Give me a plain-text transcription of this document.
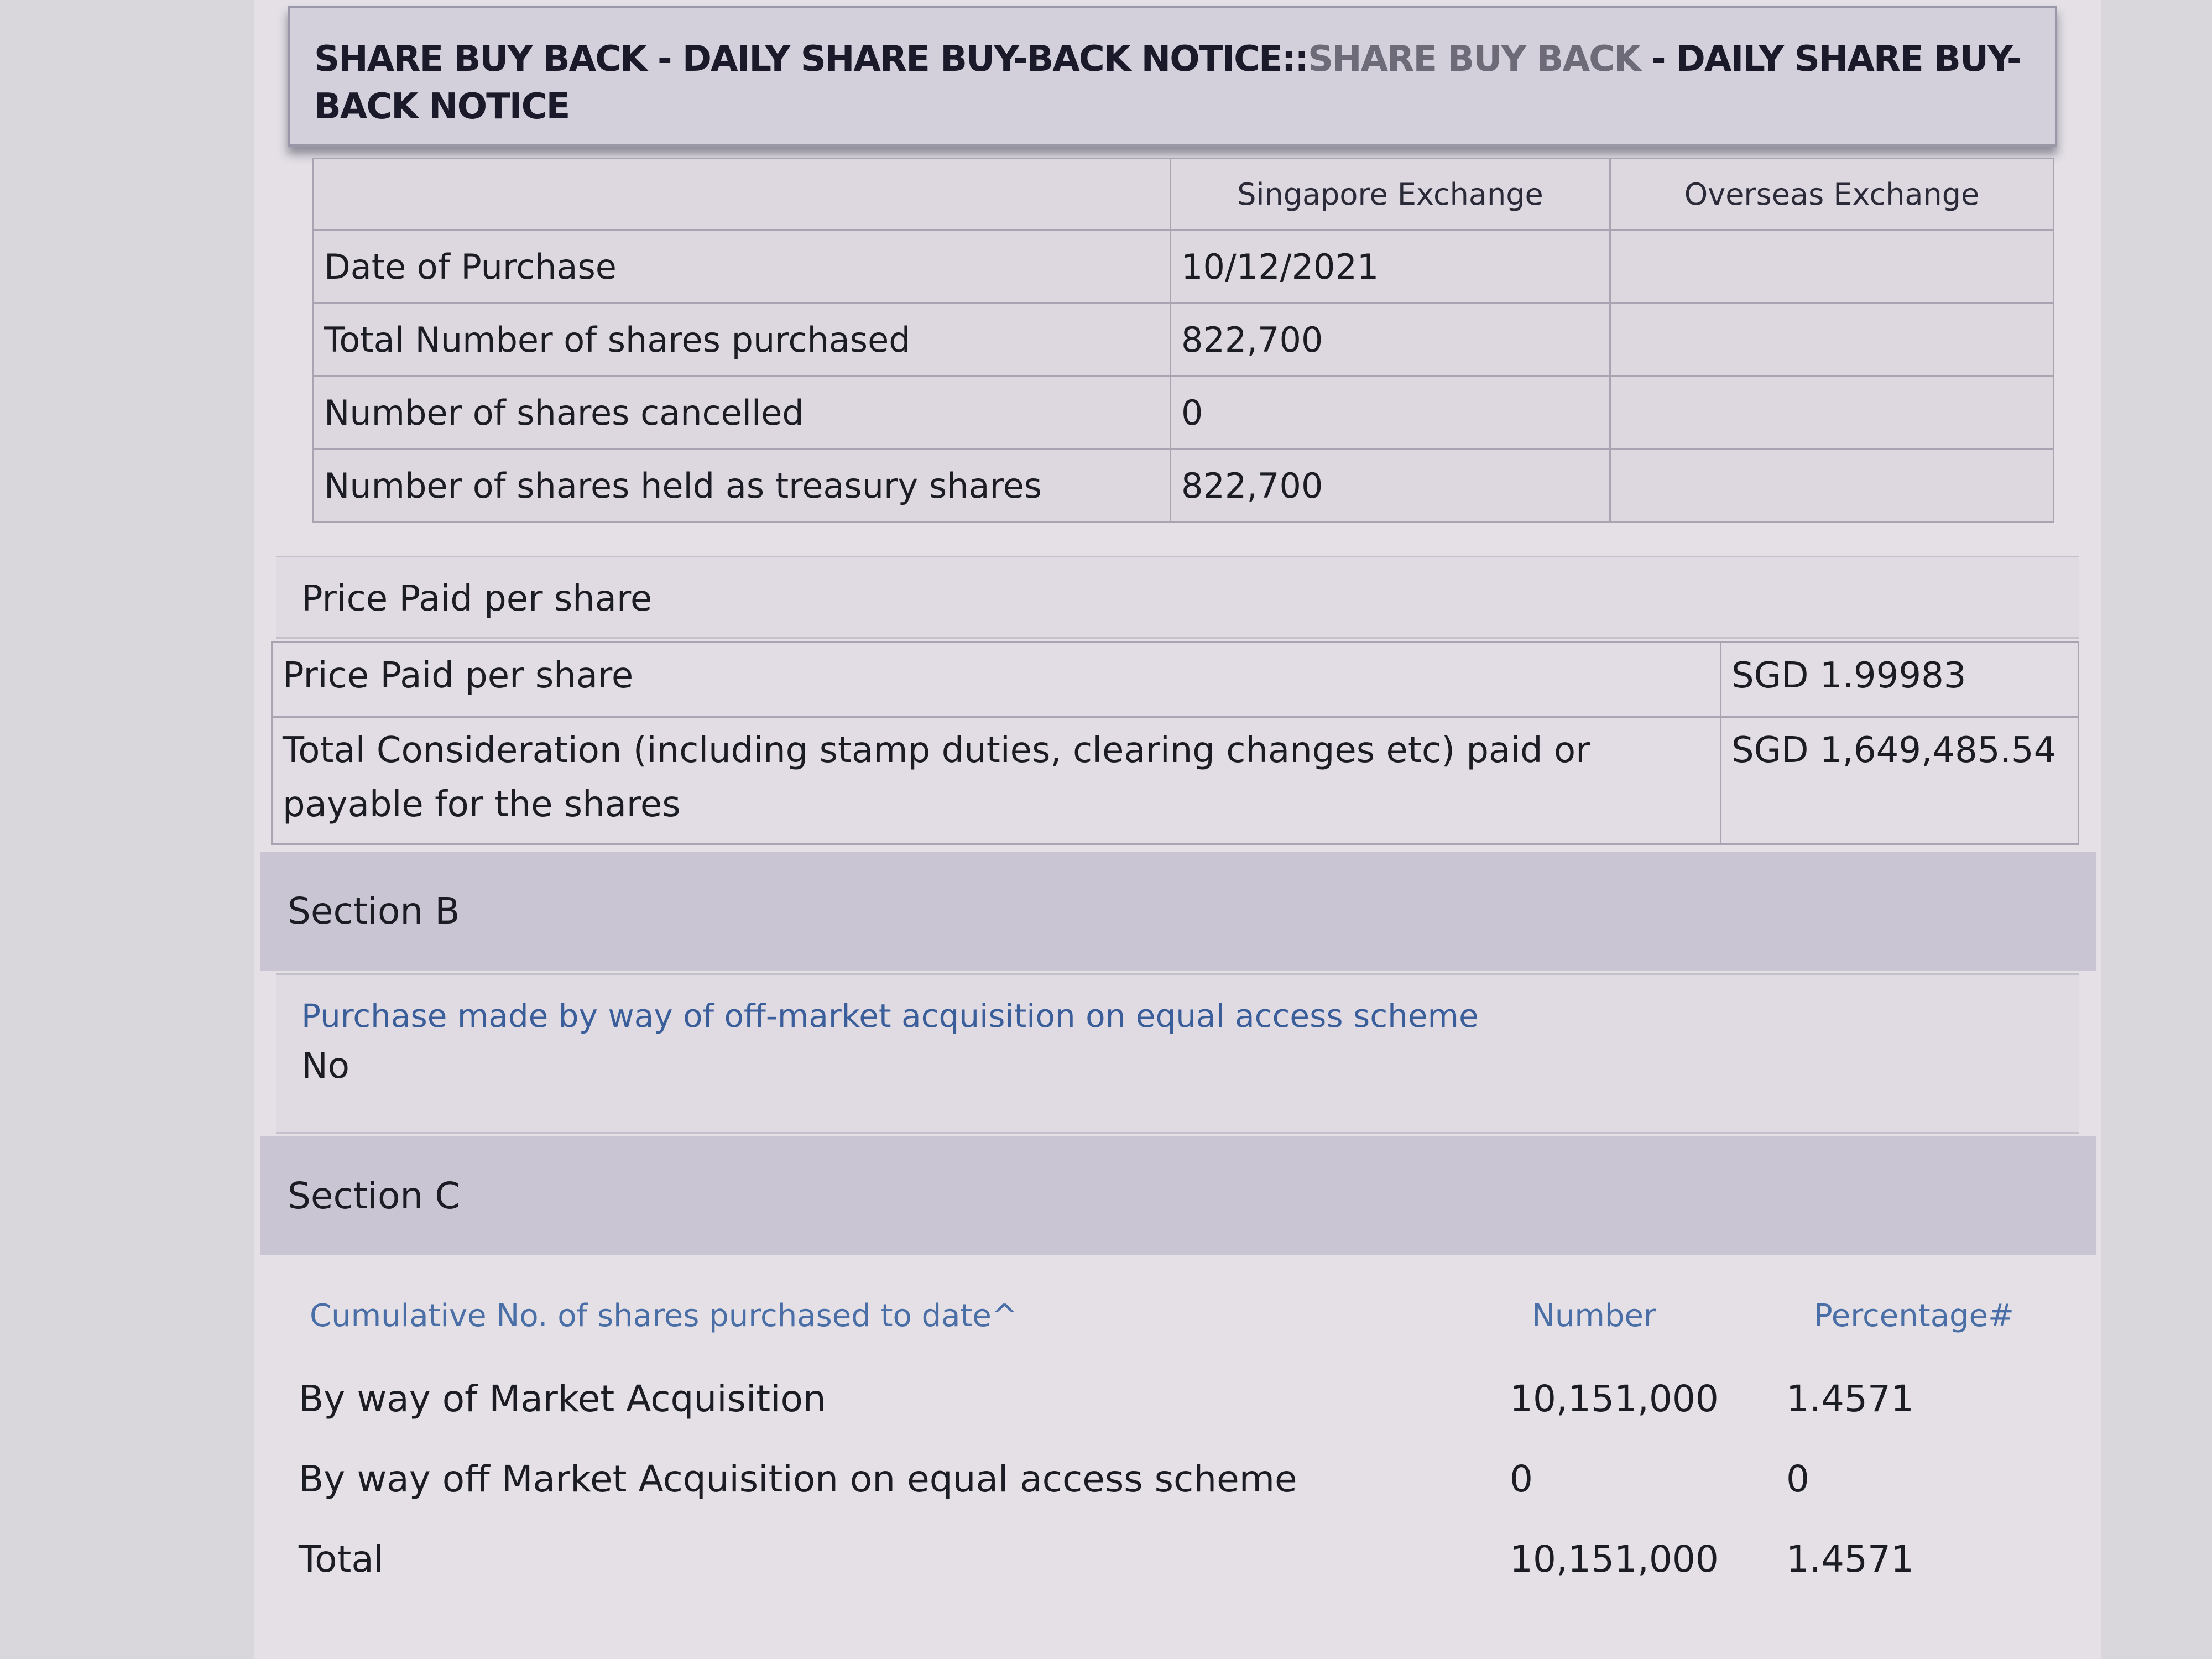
SHARE BUY BACK - DAILY SHARE BUY-BACK NOTICE::SHARE BUY BACK - DAILY SHARE BUY-BACK NOTICE
	Singapore Exchange	Overseas Exchange
Date of Purchase	10/12/2021	
Total Number of shares purchased	822,700	
Number of shares cancelled	0	
Number of shares held as treasury shares	822,700	
Price Paid per share
Price Paid per share	SGD 1.99983
Total Consideration (including stamp duties, clearing changes etc) paid or payable for the shares	SGD 1,649,485.54
Section B
Purchase made by way of off-market acquisition on equal access scheme
No
Section C
Cumulative No. of shares purchased to date^	Number	Percentage#
By way of Market Acquisition	10,151,000 1.4571
By way off Market Acquisition on equal access scheme	0	0
Total	10,151,000 1.4571
